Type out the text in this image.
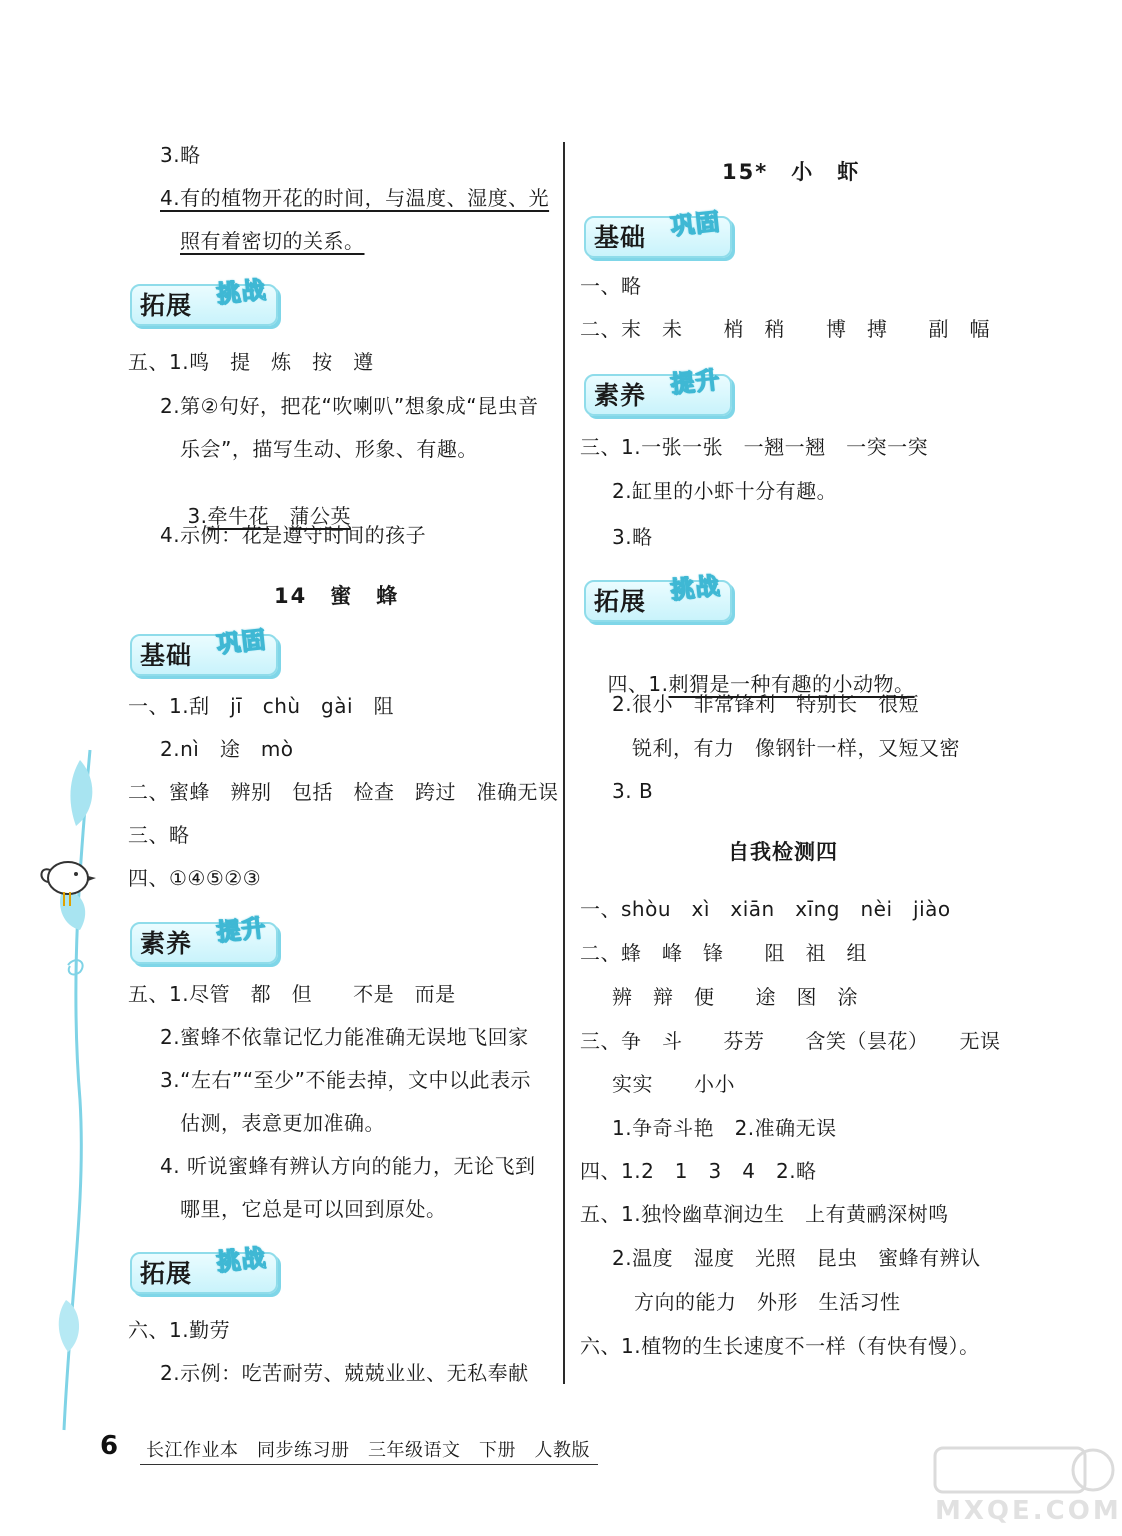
3.略
4.有的植物开花的时间，与温度、湿度、光
照有着密切的关系。
拓展 挑战
五、1.鸣　提　炼　按　遵
2.第②句好，把花“吹喇叭”想象成“昆虫音
乐会”，描写生动、形象、有趣。

3.牵牛花　 蒲公英

4.示例：花是遵守时间的孩子
14　蜜　蜂
基础 巩固
一、1.刮　jī　chù　gài　阻
2.nì　途　mò
二、蜜蜂　辨别　包括　检查　跨过　准确无误
三、略
四、①④⑤②③
素养 提升
五、1.尽管　都　但　　不是　而是
2.蜜蜂不依靠记忆力能准确无误地飞回家
3.“左右”“至少”不能去掉，文中以此表示
估测，表意更加准确。
4. 听说蜜蜂有辨认方向的能力，无论飞到
哪里，它总是可以回到原处。
拓展 挑战
六、1.勤劳
2.示例：吃苦耐劳、兢兢业业、无私奉献
15*　小　虾
基础 巩固
一、略
二、末　未　　梢　稍　　博　搏　　副　幅
素养 提升
三、1.一张一张　一翘一翘　一突一突
2.缸里的小虾十分有趣。
3.略
拓展 挑战

四、1.刺猬是一种有趣的小动物。

2.很小　非常锋利　特别长　很短
锐利，有力　像钢针一样，又短又密
3. B
自我检测四
一、shòu　xì　xiān　xīng　nèi　jiào
二、蜂　峰　锋　　阻　祖　组
辨　辩　便　　途　图　涂
三、争　斗　　芬芳　　含笑（昙花）　　无误
实实　　小小
1.争奇斗艳　2.准确无误
四、1.2　1　3　4　2.略
五、1.独怜幽草涧边生　上有黄鹂深树鸣
2.温度　湿度　光照　昆虫　蜜蜂有辨认
方向的能力　外形　生活习性
六、1.植物的生长速度不一样（有快有慢）。
6 长江作业本　同步练习册　三年级语文　下册　人教版
MXQE.COM
